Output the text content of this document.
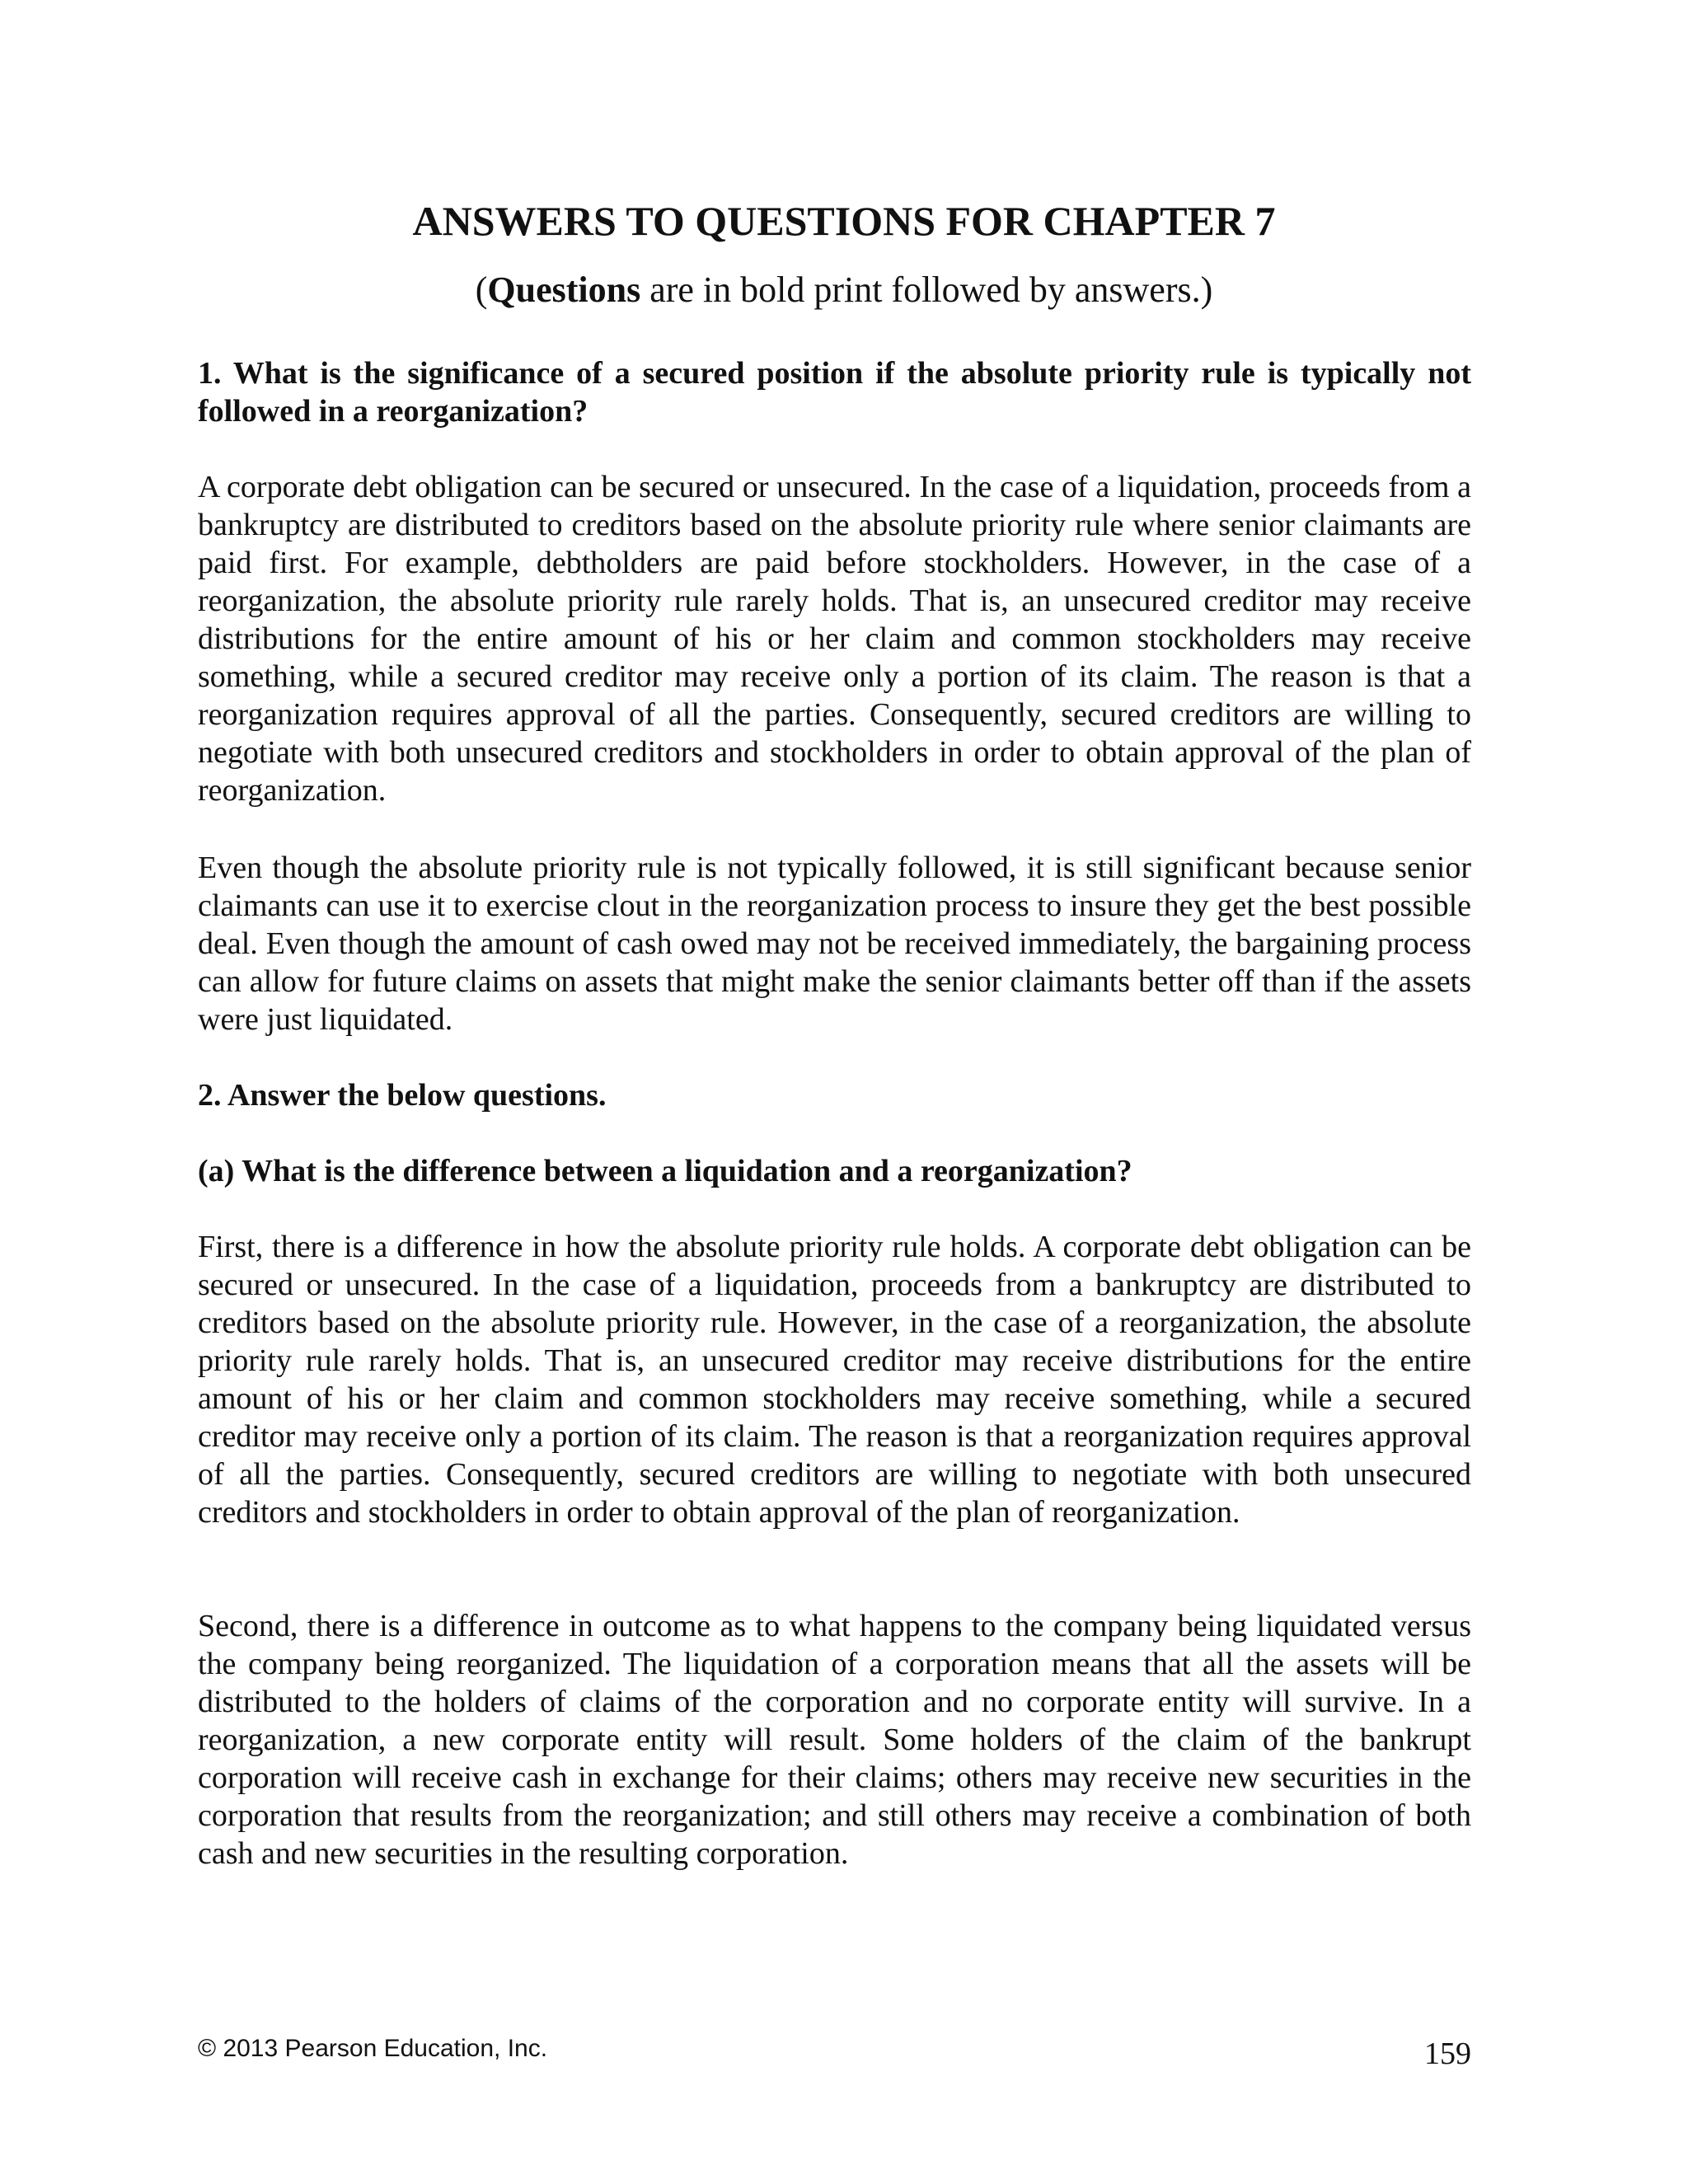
ANSWERS TO QUESTIONS FOR CHAPTER 7

(Questions are in bold print followed by answers.)

1. What is the significance of a secured position if the absolute priority rule is typically not followed in a reorganization?

A corporate debt obligation can be secured or unsecured. In the case of a liquidation, proceeds from a bankruptcy are distributed to creditors based on the absolute priority rule where senior claimants are paid first. For example, debtholders are paid before stockholders. However, in the case of a reorganization, the absolute priority rule rarely holds. That is, an unsecured creditor may receive distributions for the entire amount of his or her claim and common stockholders may receive something, while a secured creditor may receive only a portion of its claim. The reason is that a reorganization requires approval of all the parties. Consequently, secured creditors are willing to negotiate with both unsecured creditors and stockholders in order to obtain approval of the plan of reorganization.

Even though the absolute priority rule is not typically followed, it is still significant because senior claimants can use it to exercise clout in the reorganization process to insure they get the best possible deal. Even though the amount of cash owed may not be received immediately, the bargaining process can allow for future claims on assets that might make the senior claimants better off than if the assets were just liquidated.

2. Answer the below questions.

(a) What is the difference between a liquidation and a reorganization?

First, there is a difference in how the absolute priority rule holds. A corporate debt obligation can be secured or unsecured. In the case of a liquidation, proceeds from a bankruptcy are distributed to creditors based on the absolute priority rule. However, in the case of a reorganization, the absolute priority rule rarely holds. That is, an unsecured creditor may receive distributions for the entire amount of his or her claim and common stockholders may receive something, while a secured creditor may receive only a portion of its claim. The reason is that a reorganization requires approval of all the parties. Consequently, secured creditors are willing to negotiate with both unsecured creditors and stockholders in order to obtain approval of the plan of reorganization.

Second, there is a difference in outcome as to what happens to the company being liquidated versus the company being reorganized. The liquidation of a corporation means that all the assets will be distributed to the holders of claims of the corporation and no corporate entity will survive. In a reorganization, a new corporate entity will result. Some holders of the claim of the bankrupt corporation will receive cash in exchange for their claims; others may receive new securities in the corporation that results from the reorganization; and still others may receive a combination of both cash and new securities in the resulting corporation.

© 2013 Pearson Education, Inc.	159
